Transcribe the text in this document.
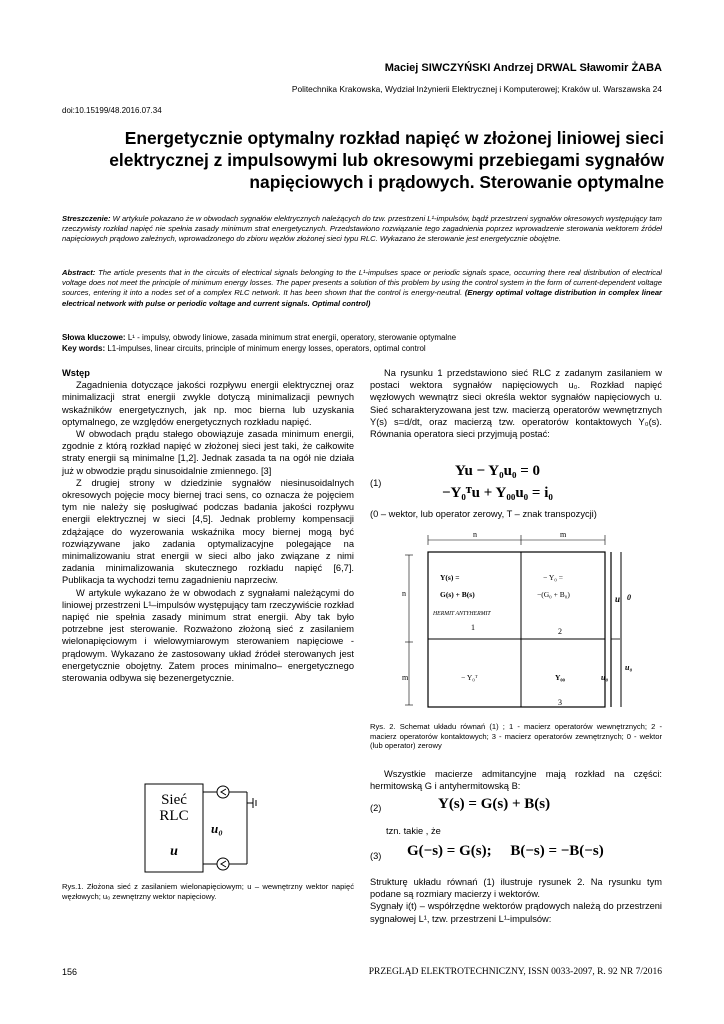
Maciej SIWCZYŃSKI Andrzej DRWAL Sławomir ŻABA
Politechnika Krakowska, Wydział Inżynierii Elektrycznej i Komputerowej; Kraków ul. Warszawska 24
doi:10.15199/48.2016.07.34
Energetycznie optymalny rozkład napięć w złożonej liniowej sieci elektrycznej z impulsowymi lub okresowymi przebiegami sygnałów napięciowych i prądowych. Sterowanie optymalne
Streszczenie: W artykule pokazano że w obwodach sygnałów elektrycznych należących do tzw. przestrzeni L¹-impulsów, bądź przestrzeni sygnałów okresowych występujący tam rzeczywisty rozkład napięć nie spełnia zasady minimum strat energetycznych. Przedstawiono rozwiązanie tego zagadnienia poprzez wprowadzenie sterowania wektorem źródeł napięciowych prądowo zależnych, wprowadzonego do zbioru węzłów złożonej sieci typu RLC. Wykazano że sterowanie jest energetycznie obojętne.
Abstract: The article presents that in the circuits of electrical signals belonging to the L¹-impulses space or periodic signals space, occurring there real distribution of electrical voltage does not meet the principle of minimum energy losses. The paper presents a solution of this problem by using the control system in the form of current-dependent voltage sources, entering it into a nodes set of a complex RLC network. It has been shown that the control is energy-neutral. (Energy optimal voltage distribution in complex linear electrical network with pulse or periodic voltage and current signals. Optimal control)
Słowa kluczowe: L¹ - impulsy, obwody liniowe, zasada minimum strat energii, operatory, sterowanie optymalne
Key words: L1-impulses, linear circuits, principle of minimum energy losses, operators, optimal control
Wstęp

Zagadnienia dotyczące jakości rozpływu energii elektrycznej oraz minimalizacji strat energii zwykle dotyczą minimalizacji pewnych wskaźników energetycznych, jak np. moc bierna lub uzyskania optymalnego, ze względów energetycznych rozkładu napięć.

W obwodach prądu stałego obowiązuje zasada minimum energii, zgodnie z którą rozkład napięć w złożonej sieci jest taki, że całkowite straty energii są minimalne [1,2]. Jednak zasada ta na ogół nie działa już w obwodzie prądu sinusoidalnie zmiennego. [3]

Z drugiej strony w dziedzinie sygnałów niesinusoidalnych okresowych pojęcie mocy biernej traci sens, co oznacza że pojęciem tym nie należy się posługiwać podczas badania jakości rozpływu energii elektrycznej w sieci [4,5]. Jednak problemy kompensacji zdążające do wyzerowania wskaźnika mocy biernej mogą być rozwiązywane jako zadania optymalizacyjne polegające na minimalizowaniu strat energii w sieci albo jako związane z nimi zadania minimalizowania skutecznego rozkładu napięć [6,7]. Publikacja ta wychodzi temu zagadnieniu naprzeciw.

W artykule wykazano że w obwodach z sygnałami należącymi do liniowej przestrzeni L¹–impulsów występujący tam rzeczywiście rozkład napięć nie spełnia zasady minimum strat energii. Aby tak było potrzebne jest sterowanie. Rozważono złożoną sieć z zasilaniem wielonapięciowym i wielowymiarowym sterowaniem napięciowe - prądowym. Wykazano że zastosowany układ źródeł sterowanych jest energetycznie obojętny. Zatem proces minimalno– energetycznego sterowania odbywa się bezenergetycznie.

Sieć
RLC
u
u₀
Rys.1. Złożona sieć z zasilaniem wielonapięciowym; u – wewnętrzny wektor napięć węzłowych; u₀ zewnętrzny wektor napięciowy.

Na rysunku 1 przedstawiono sieć RLC z zadanym zasilaniem w postaci wektora sygnałów napięciowych u₀. Rozkład napięć węzłowych wewnątrz sieci określa wektor sygnałów napięciowych u. Sieć scharakteryzowana jest tzw. macierzą operatorów wewnętrznych Y(s) s=d/dt, oraz macierzą tzw. operatorów kontaktowych Y₀(s). Równania operatora sieci przyjmują postać:

(1)
Yu − Y₀u₀ = 0
−Y₀ᵀu + Y₀₀u₀ = i₀
(0 – wektor, lub operator zerowy, T – znak transpozycji)
n	m
n
m
Y(s) =
G(s) + B(s)
HERMIT ANTYHERMIT
1
− Y₀ =
−(G₀ + B₀)
2
− Y₀ᵀ	Y₀₀
3
u
u₀
0
u₀
Rys. 2. Schemat układu równań (1) ; 1 - macierz operatorów wewnętrznych; 2 - macierz operatorów kontaktowych; 3 - macierz operatorów zewnętrznych; 0 - wektor (lub operator) zerowy

Wszystkie macierze admitancyjne mają rozkład na części: hermitowską G i antyhermitowską B:

(2)	Y(s) = G(s) + B(s)
tzn. takie , że
(3) G(−s) = G(s);     B(−s) = −B(−s)

Strukturę układu równań (1) ilustruje rysunek 2. Na rysunku tym podane są rozmiary macierzy i wektorów.

Sygnały i(t) – współrzędne wektorów prądowych należą do przestrzeni sygnałowej L¹, tzw. przestrzeni L¹-impulsów:

156	PRZEGLĄD ELEKTROTECHNICZNY, ISSN 0033-2097, R. 92 NR 7/2016
